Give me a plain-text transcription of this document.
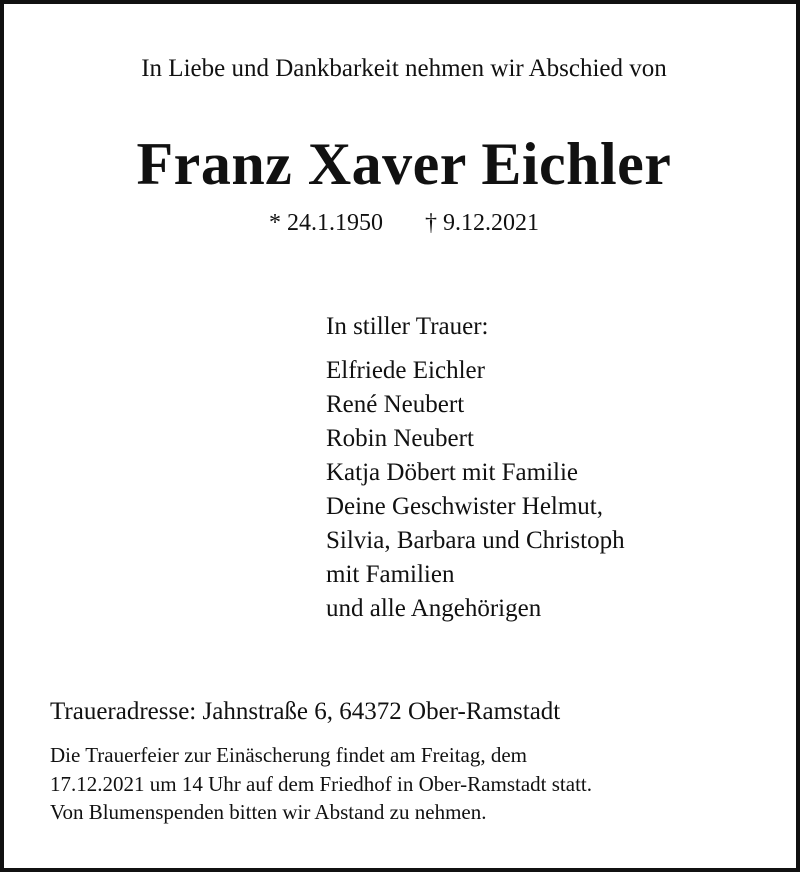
In Liebe und Dankbarkeit nehmen wir Abschied von
Franz Xaver Eichler
* 24.1.1950 † 9.12.2021
In stiller Trauer:
Elfriede Eichler
René Neubert
Robin Neubert
Katja Döbert mit Familie
Deine Geschwister Helmut,
Silvia, Barbara und Christoph
mit Familien
und alle Angehörigen
Traueradresse: Jahnstraße 6, 64372 Ober-Ramstadt
Die Trauerfeier zur Einäscherung findet am Freitag, dem
17.12.2021 um 14 Uhr auf dem Friedhof in Ober-Ramstadt statt.
Von Blumenspenden bitten wir Abstand zu nehmen.
